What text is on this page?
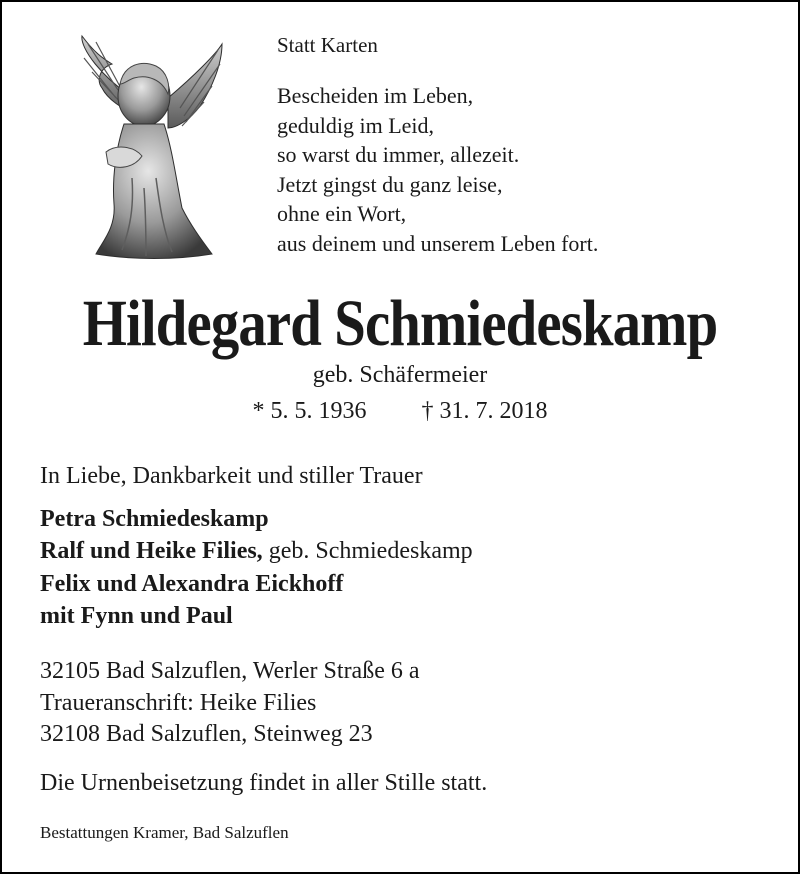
Statt Karten
Bescheiden im Leben,
geduldig im Leid,
so warst du immer, allezeit.
Jetzt gingst du ganz leise,
ohne ein Wort,
aus deinem und unserem Leben fort.
Hildegard Schmiedeskamp
geb. Schäfermeier
* 5. 5. 1936 † 31. 7. 2018
In Liebe, Dankbarkeit und stiller Trauer
Petra Schmiedeskamp
Ralf und Heike Filies, geb. Schmiedeskamp
Felix und Alexandra Eickhoff
mit Fynn und Paul
32105 Bad Salzuflen, Werler Straße 6 a
Traueranschrift: Heike Filies
32108 Bad Salzuflen, Steinweg 23
Die Urnenbeisetzung findet in aller Stille statt.
Bestattungen Kramer, Bad Salzuflen
